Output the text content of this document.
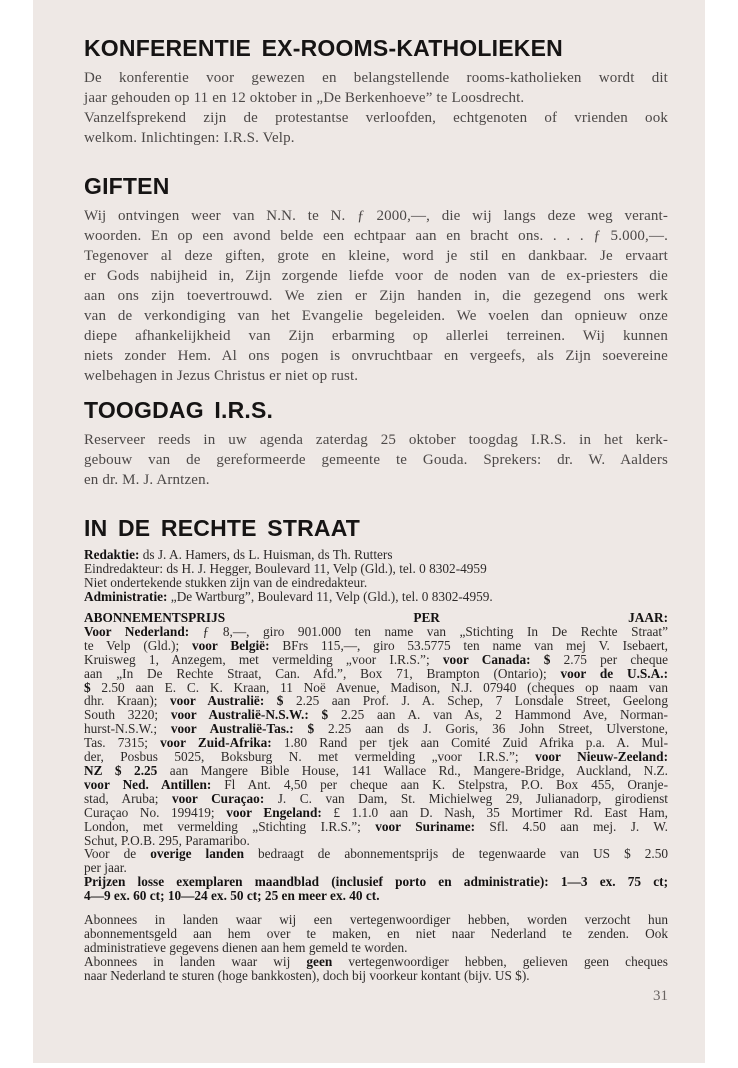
KONFERENTIE EX-ROOMS-KATHOLIEKEN
De konferentie voor gewezen en belangstellende rooms-katholieken wordt dit
jaar gehouden op 11 en 12 oktober in „De Berkenhoeve” te Loosdrecht.
Vanzelfsprekend zijn de protestantse verloofden, echtgenoten of vrienden ook
welkom. Inlichtingen: I.R.S. Velp.
GIFTEN
Wij ontvingen weer van N.N. te N. ƒ 2000,—, die wij langs deze weg verant-
woorden. En op een avond belde een echtpaar aan en bracht ons. . . . ƒ 5.000,—.
Tegenover al deze giften, grote en kleine, word je stil en dankbaar. Je ervaart
er Gods nabijheid in, Zijn zorgende liefde voor de noden van de ex-priesters die
aan ons zijn toevertrouwd. We zien er Zijn handen in, die gezegend ons werk
van de verkondiging van het Evangelie begeleiden. We voelen dan opnieuw onze
diepe afhankelijkheid van Zijn erbarming op allerlei terreinen. Wij kunnen
niets zonder Hem. Al ons pogen is onvruchtbaar en vergeefs, als Zijn soevereine
welbehagen in Jezus Christus er niet op rust.
TOOGDAG I.R.S.
Reserveer reeds in uw agenda zaterdag 25 oktober toogdag I.R.S. in het kerk-
gebouw van de gereformeerde gemeente te Gouda. Sprekers: dr. W. Aalders
en dr. M. J. Arntzen.
IN DE RECHTE STRAAT
Redaktie: ds J. A. Hamers, ds L. Huisman, ds Th. Rutters
Eindredakteur: ds H. J. Hegger, Boulevard 11, Velp (Gld.), tel. 0 8302-4959
Niet ondertekende stukken zijn van de eindredakteur.
Administratie: „De Wartburg”, Boulevard 11, Velp (Gld.), tel. 0 8302-4959.
ABONNEMENTSPRIJS PER JAAR:
Voor Nederland: ƒ 8,—, giro 901.000 ten name van „Stichting In De Rechte Straat”
te Velp (Gld.); voor België: BFrs 115,—, giro 53.5775 ten name van mej V. Isebaert,
Kruisweg 1, Anzegem, met vermelding „voor I.R.S.”; voor Canada: $ 2.75 per cheque
aan „In De Rechte Straat, Can. Afd.”, Box 71, Brampton (Ontario); voor de U.S.A.:
$ 2.50 aan E. C. K. Kraan, 11 Noë Avenue, Madison, N.J. 07940 (cheques op naam van
dhr. Kraan); voor Australië: $ 2.25 aan Prof. J. A. Schep, 7 Lonsdale Street, Geelong
South 3220; voor Australië-N.S.W.: $ 2.25 aan A. van As, 2 Hammond Ave, Norman-
hurst-N.S.W.; voor Australië-Tas.: $ 2.25 aan ds J. Goris, 36 John Street, Ulverstone,
Tas. 7315; voor Zuid-Afrika: 1.80 Rand per tjek aan Comité Zuid Afrika p.a. A. Mul-
der, Posbus 5025, Boksburg N. met vermelding „voor I.R.S.”; voor Nieuw-Zeeland:
NZ $ 2.25 aan Mangere Bible House, 141 Wallace Rd., Mangere-Bridge, Auckland, N.Z.
voor Ned. Antillen: Fl Ant. 4,50 per cheque aan K. Stelpstra, P.O. Box 455, Oranje-
stad, Aruba; voor Curaçao: J. C. van Dam, St. Michielweg 29, Julianadorp, girodienst
Curaçao No. 199419; voor Engeland: £ 1.1.0 aan D. Nash, 35 Mortimer Rd. East Ham,
London, met vermelding „Stichting I.R.S.”; voor Suriname: Sfl. 4.50 aan mej. J. W.
Schut, P.O.B. 295, Paramaribo.
Voor de overige landen bedraagt de abonnementsprijs de tegenwaarde van US $ 2.50
per jaar.
Prijzen losse exemplaren maandblad (inclusief porto en administratie): 1—3 ex. 75 ct;
4—9 ex. 60 ct; 10—24 ex. 50 ct; 25 en meer ex. 40 ct.
Abonnees in landen waar wij een vertegenwoordiger hebben, worden verzocht hun
abonnementsgeld aan hem over te maken, en niet naar Nederland te zenden. Ook
administratieve gegevens dienen aan hem gemeld te worden.
Abonnees in landen waar wij geen vertegenwoordiger hebben, gelieven geen cheques
naar Nederland te sturen (hoge bankkosten), doch bij voorkeur kontant (bijv. US $).
31
